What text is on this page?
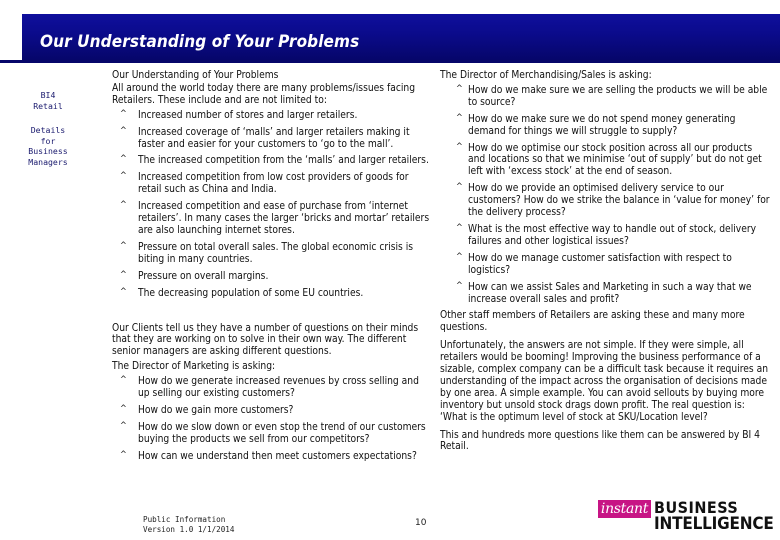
Our Understanding of Your Problems
BI4
Retail
Details
for
Business
Managers

Our Understanding of Your Problems

All around the world today there are many problems/issues facing Retailers. These include and are not limited to:

^ Increased number of stores and larger retailers.
^ Increased coverage of ‘malls’ and larger retailers making it faster and easier for your customers to ‘go to the mall’.
^ The increased competition from the ‘malls’ and larger retailers.
^ Increased competition from low cost providers of goods for retail such as China and India.
^ Increased competition and ease of purchase from ‘internet retailers’. In many cases the larger ‘bricks and mortar’ retailers are also launching internet stores.
^ Pressure on total overall sales. The global economic crisis is biting in many countries.
^ Pressure on overall margins.
^ The decreasing population of some EU countries.

Our Clients tell us they have a number of questions on their minds that they are working on to solve in their own way. The different senior managers are asking different questions.

The Director of Marketing is asking:

^ How do we generate increased revenues by cross selling and up selling our existing customers?
^ How do we gain more customers?
^ How do we slow down or even stop the trend of our customers buying the products we sell from our competitors?
^ How can we understand then meet customers expectations?

The Director of Merchandising/Sales is asking:

^ How do we make sure we are selling the products we will be able to source?
^ How do we make sure we do not spend money generating demand for things we will struggle to supply?
^ How do we optimise our stock position across all our products and locations so that we minimise ‘out of supply’ but do not get left with ‘excess stock’ at the end of season.
^ How do we provide an optimised delivery service to our customers? How do we strike the balance in ‘value for money’ for the delivery process?
^ What is the most effective way to handle out of stock, delivery failures and other logistical issues?
^ How do we manage customer satisfaction with respect to logistics?
^ How can we assist Sales and Marketing in such a way that we increase overall sales and profit?

Other staff members of Retailers are asking these and many more questions.

Unfortunately, the answers are not simple. If they were simple, all retailers would be booming! Improving the business performance of a sizable, complex company can be a difficult task because it requires an understanding of the impact across the organisation of decisions made by one area. A simple example. You can avoid sellouts by buying more inventory but unsold stock drags down profit. The real question is: ‘What is the optimum level of stock at SKU/Location level?

This and hundreds more questions like them can be answered by BI 4 Retail.

Public Information
Version 1.0 1/1/2014
10
instant BUSINESS
INTELLIGENCE
